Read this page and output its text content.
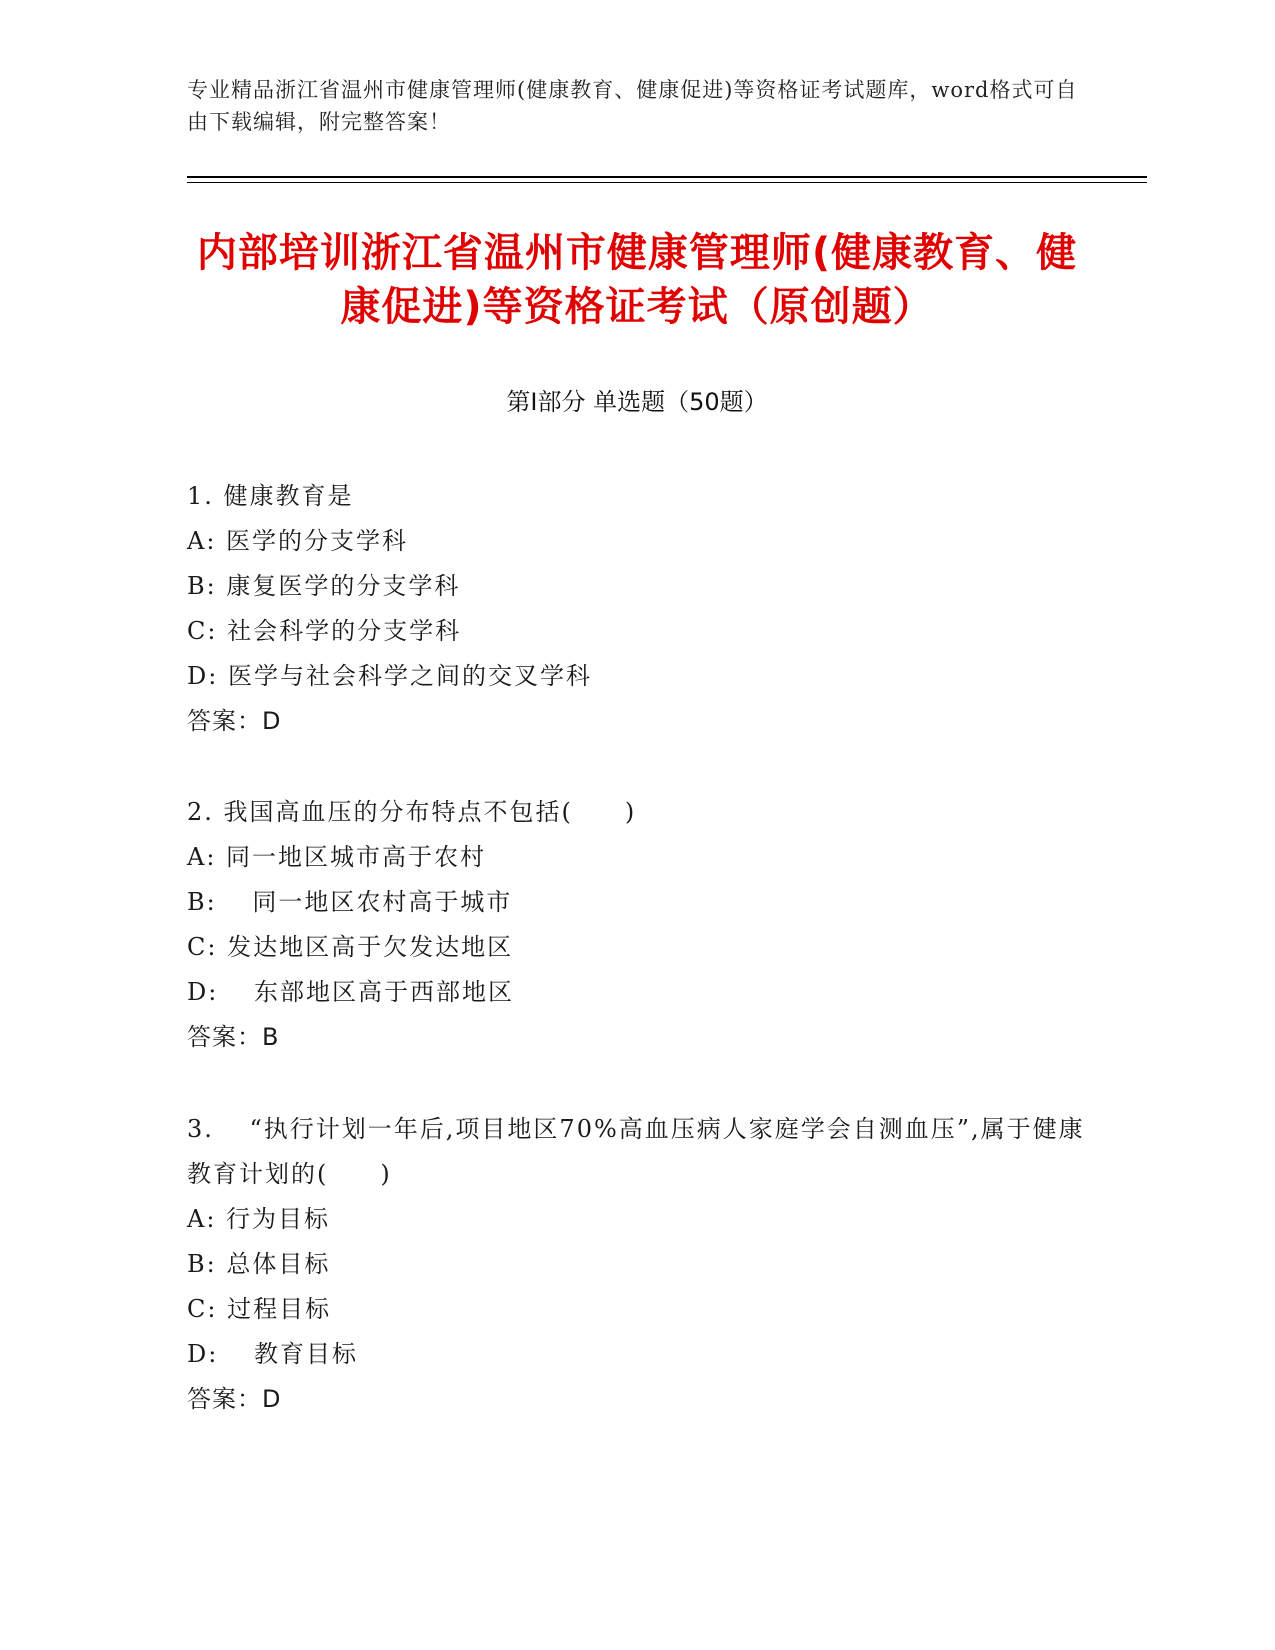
专业精品浙江省温州市健康管理师(健康教育、健康促进)等资格证考试题库，word格式可自由下载编辑，附完整答案！
内部培训浙江省温州市健康管理师(健康教育、健康促进)等资格证考试（原创题）
第Ⅰ部分 单选题（50题）
1. 健康教育是
A: 医学的分支学科
B: 康复医学的分支学科
C: 社会科学的分支学科
D: 医学与社会科学之间的交叉学科
答案：D
2. 我国高血压的分布特点不包括(　　)
A: 同一地区城市高于农村
B: 　同一地区农村高于城市
C: 发达地区高于欠发达地区
D: 　东部地区高于西部地区
答案：B
3. 　“执行计划一年后,项目地区70%高血压病人家庭学会自测血压”,属于健康教育计划的(　　)
A: 行为目标
B: 总体目标
C: 过程目标
D: 　教育目标
答案：D
